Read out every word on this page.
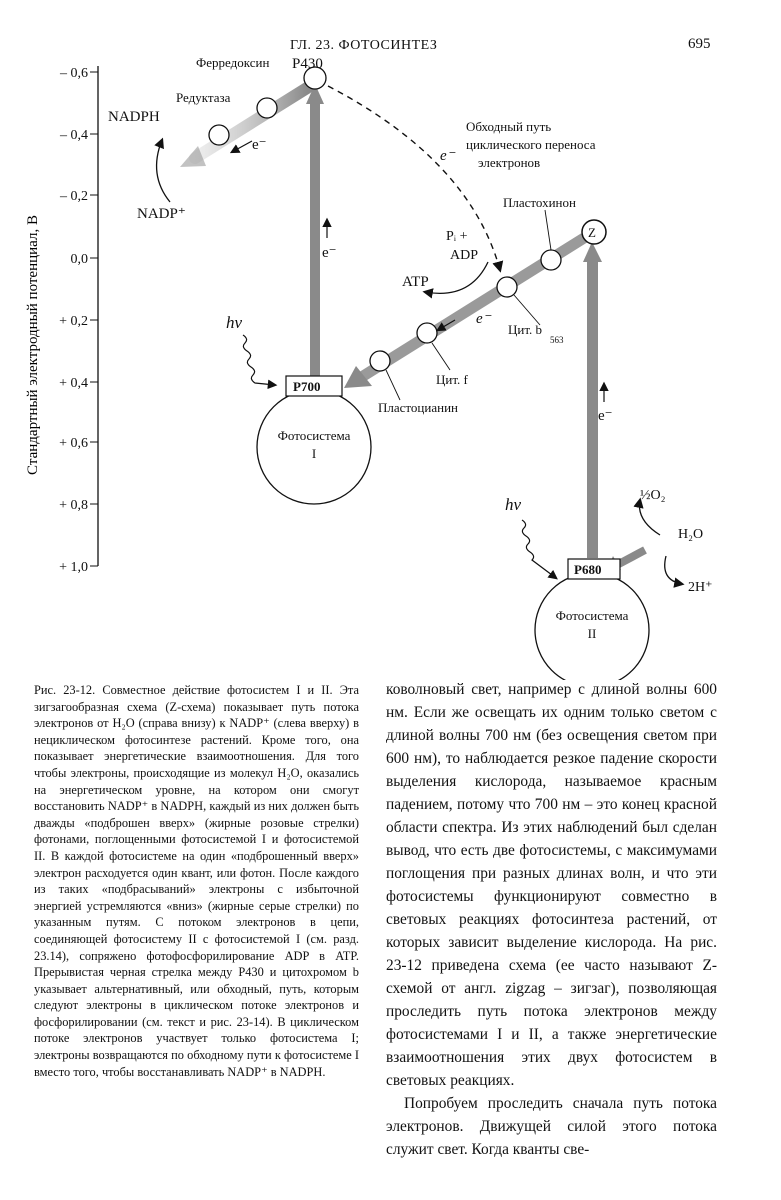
ГЛ. 23. ФОТОСИНТЕЗ	695
– 0,6
– 0,4
– 0,2
0,0
+ 0,2
+ 0,4
+ 0,6
+ 0,8
+ 1,0
Стандартный электродный потенциал, В
Ферредоксин P430
Редуктаза
NADPH
NADP⁺
e⁻
e⁻
Обходный путь
циклического переноса
электронов
Пластохинон
Z
Pᵢ +
ADP
ATP
e⁻
Цит. b
563
Цит. f
Пластоцианин
e⁻
e⁻
hν
hν
P700
Фотосистема
I
P680
Фотосистема
II
½O₂
H₂O
2H⁺

Рис. 23-12. Совместное действие фотосистем I и II. Эта зигзагообразная схема (Z-схема) показывает путь потока электронов от H₂O (справа внизу) к NADP⁺ (слева вверху) в нециклическом фотосинтезе растений. Кроме того, она показывает энергетические взаимоотношения. Для того чтобы электроны, происходящие из молекул H₂O, оказались на энергетическом уровне, на котором они смогут восстановить NADP⁺ в NADPH, каждый из них должен быть дважды «подброшен вверх» (жирные розовые стрелки) фотонами, поглощенными фотосистемой I и фотосистемой II. В каждой фотосистеме на один «подброшенный вверх» электрон расходуется один квант, или фотон. После каждого из таких «подбрасываний» электроны с избыточной энергией устремляются «вниз» (жирные серые стрелки) по указанным путям. С потоком электронов в цепи, соединяющей фотосистему II с фотосистемой I (см. разд. 23.14), сопряжено фотофосфорилирование ADP в ATP. Прерывистая черная стрелка между P430 и цитохромом b указывает альтернативный, или обходный, путь, которым следуют электроны в циклическом потоке электронов и фосфорилировании (см. текст и рис. 23-14). В циклическом потоке электронов участвует только фотосистема I; электроны возвращаются по обходному пути к фотосистеме I вместо того, чтобы восстанавливать NADP⁺ в NADPH.

коволновый свет, например с длиной волны 600 нм. Если же освещать их одним только светом с длиной волны 700 нм (без освещения светом при 600 нм), то наблюдается резкое падение скорости выделения кислорода, называемое красным падением, потому что 700 нм – это конец красной области спектра. Из этих наблюдений был сделан вывод, что есть две фотосистемы, с максимумами поглощения при разных длинах волн, и что эти фотосистемы функционируют совместно в световых реакциях фотосинтеза растений, от которых зависит выделение кислорода. На рис. 23-12 приведена схема (ее часто называют Z-схемой от англ. zigzag – зигзаг), позволяющая проследить путь потока электронов между фотосистемами I и II, а также энергетические взаимоотношения этих двух фотосистем в световых реакциях.

Попробуем проследить сначала путь потока электронов. Движущей силой этого потока служит свет. Когда кванты све-
